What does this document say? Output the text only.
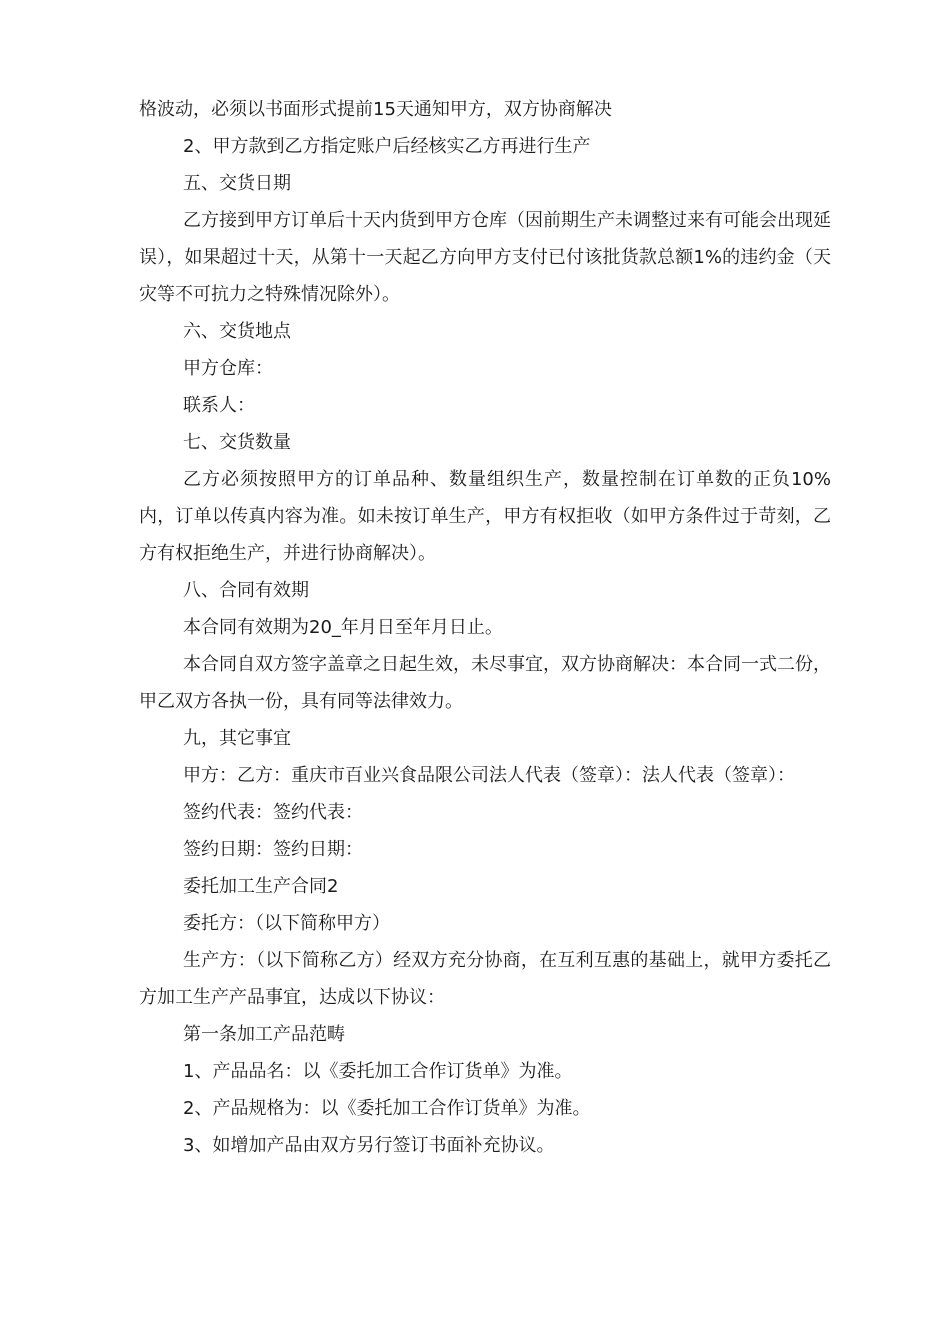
格波动，必须以书面形式提前15天通知甲方，双方协商解决

2、甲方款到乙方指定账户后经核实乙方再进行生产

五、交货日期

乙方接到甲方订单后十天内货到甲方仓库（因前期生产未调整过来有可能会出现延误），如果超过十天，从第十一天起乙方向甲方支付已付该批货款总额1%的违约金（天灾等不可抗力之特殊情况除外）。

六、交货地点

甲方仓库：

联系人：

七、交货数量

乙方必须按照甲方的订单品种、数量组织生产，数量控制在订单数的正负10%内，订单以传真内容为准。如未按订单生产，甲方有权拒收（如甲方条件过于苛刻，乙方有权拒绝生产，并进行协商解决）。

八、合同有效期

本合同有效期为20_年月日至年月日止。

本合同自双方签字盖章之日起生效，未尽事宜，双方协商解决：本合同一式二份，甲乙双方各执一份，具有同等法律效力。

九，其它事宜

甲方：乙方：重庆市百业兴食品限公司法人代表（签章）：法人代表（签章）：

签约代表：签约代表：

签约日期：签约日期：

委托加工生产合同2

委托方：（以下简称甲方）

生产方：（以下简称乙方）经双方充分协商，在互利互惠的基础上，就甲方委托乙方加工生产产品事宜，达成以下协议：

第一条加工产品范畴

1、产品品名：以《委托加工合作订货单》为准。

2、产品规格为：以《委托加工合作订货单》为准。

3、如增加产品由双方另行签订书面补充协议。
